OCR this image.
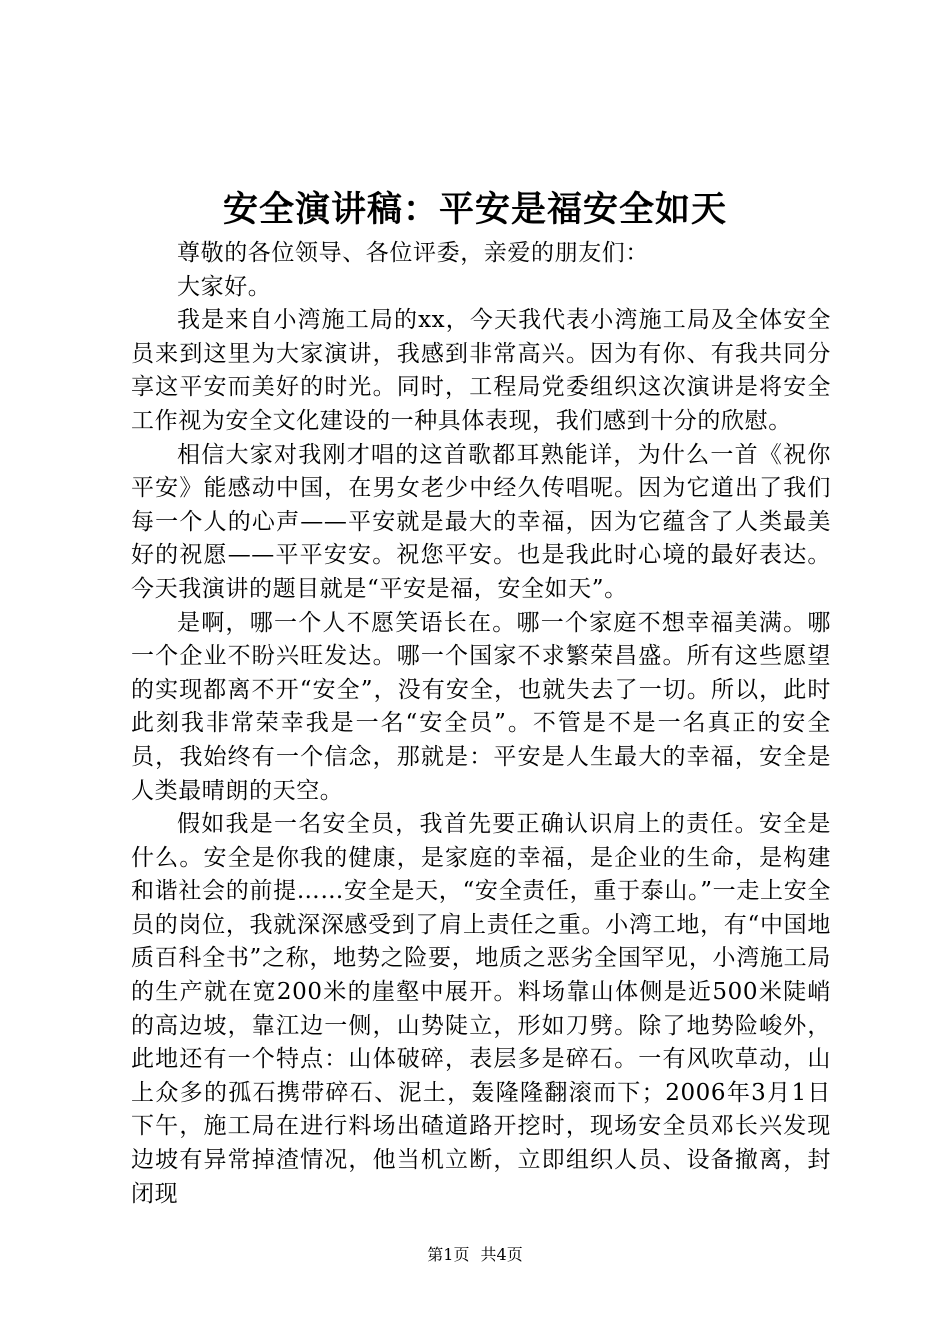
安全演讲稿：平安是福安全如天

尊敬的各位领导、各位评委，亲爱的朋友们：

大家好。

我是来自小湾施工局的xx，今天我代表小湾施工局及全体安全员来到这里为大家演讲，我感到非常高兴。因为有你、有我共同分享这平安而美好的时光。同时，工程局党委组织这次演讲是将安全工作视为安全文化建设的一种具体表现，我们感到十分的欣慰。

相信大家对我刚才唱的这首歌都耳熟能详，为什么一首《祝你平安》能感动中国，在男女老少中经久传唱呢。因为它道出了我们每一个人的心声——平安就是最大的幸福，因为它蕴含了人类最美好的祝愿——平平安安。祝您平安。也是我此时心境的最好表达。今天我演讲的题目就是“平安是福，安全如天”。

是啊，哪一个人不愿笑语长在。哪一个家庭不想幸福美满。哪一个企业不盼兴旺发达。哪一个国家不求繁荣昌盛。所有这些愿望的实现都离不开“安全”，没有安全，也就失去了一切。所以，此时此刻我非常荣幸我是一名“安全员”。不管是不是一名真正的安全员，我始终有一个信念，那就是：平安是人生最大的幸福，安全是人类最晴朗的天空。

假如我是一名安全员，我首先要正确认识肩上的责任。安全是什么。安全是你我的健康，是家庭的幸福，是企业的生命，是构建和谐社会的前提……安全是天，“安全责任，重于泰山。”一走上安全员的岗位，我就深深感受到了肩上责任之重。小湾工地，有“中国地质百科全书”之称，地势之险要，地质之恶劣全国罕见，小湾施工局的生产就在宽200米的崖壑中展开。料场靠山体侧是近500米陡峭的高边坡，靠江边一侧，山势陡立，形如刀劈。除了地势险峻外，此地还有一个特点：山体破碎，表层多是碎石。一有风吹草动，山上众多的孤石携带碎石、泥土，轰隆隆翻滚而下；2006年3月1日下午，施工局在进行料场出碴道路开挖时，现场安全员邓长兴发现边坡有异常掉渣情况，他当机立断，立即组织人员、设备撤离，封闭现

第1页 共4页
